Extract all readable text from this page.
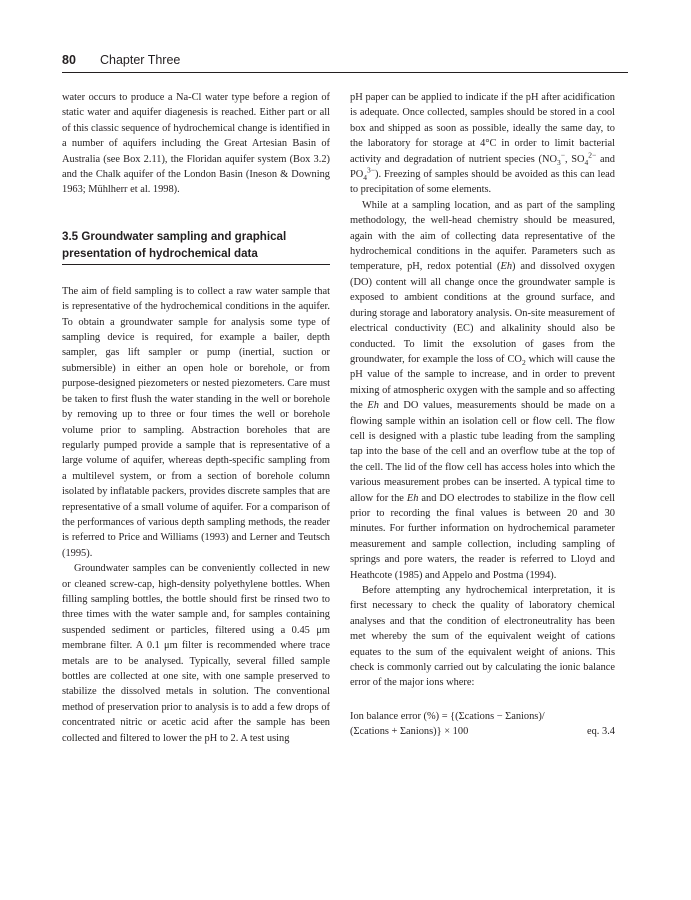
80 Chapter Three

water occurs to produce a Na-Cl water type before a region of static water and aquifer diagenesis is reached. Either part or all of this classic sequence of hydrochemical change is identified in a number of aquifers including the Great Artesian Basin of Australia (see Box 2.11), the Floridan aquifer system (Box 3.2) and the Chalk aquifer of the London Basin (Ineson & Downing 1963; Mühlherr et al. 1998).

3.5 Groundwater sampling and graphical presentation of hydrochemical data

The aim of field sampling is to collect a raw water sample that is representative of the hydrochemical conditions in the aquifer. To obtain a groundwater sample for analysis some type of sampling device is required, for example a bailer, depth sampler, gas lift sampler or pump (inertial, suction or submersible) in either an open hole or borehole, or from purpose-designed piezometers or nested piezometers. Care must be taken to first flush the water standing in the well or borehole by removing up to three or four times the well or borehole volume prior to sampling. Abstraction boreholes that are regularly pumped provide a sample that is representative of a large volume of aquifer, whereas depth-specific sampling from a multilevel system, or from a section of borehole column isolated by inflatable packers, provides discrete samples that are representative of a small volume of aquifer. For a comparison of the performances of various depth sampling methods, the reader is referred to Price and Williams (1993) and Lerner and Teutsch (1995).

Groundwater samples can be conveniently collected in new or cleaned screw-cap, high-density polyethylene bottles. When filling sampling bottles, the bottle should first be rinsed two to three times with the water sample and, for samples containing suspended sediment or particles, filtered using a 0.45 μm membrane filter. A 0.1 μm filter is recommended where trace metals are to be analysed. Typically, several filled sample bottles are collected at one site, with one sample preserved to stabilize the dissolved metals in solution. The conventional method of preservation prior to analysis is to add a few drops of concentrated nitric or acetic acid after the sample has been collected and filtered to lower the pH to 2. A test using

pH paper can be applied to indicate if the pH after acidification is adequate. Once collected, samples should be stored in a cool box and shipped as soon as possible, ideally the same day, to the laboratory for storage at 4°C in order to limit bacterial activity and degradation of nutrient species ($NO_3^-$, $SO_4^{2-}$ and $PO_4^{3-}$). Freezing of samples should be avoided as this can lead to precipitation of some elements.

While at a sampling location, and as part of the sampling methodology, the well-head chemistry should be measured, again with the aim of collecting data representative of the hydrochemical conditions in the aquifer. Parameters such as temperature, pH, redox potential (Eh) and dissolved oxygen (DO) content will all change once the groundwater sample is exposed to ambient conditions at the ground surface, and during storage and laboratory analysis. On-site measurement of electrical conductivity (EC) and alkalinity should also be conducted. To limit the exsolution of gases from the groundwater, for example the loss of $CO_2$ which will cause the pH value of the sample to increase, and in order to prevent mixing of atmospheric oxygen with the sample and so affecting the Eh and DO values, measurements should be made on a flowing sample within an isolation cell or flow cell. The flow cell is designed with a plastic tube leading from the sampling tap into the base of the cell and an overflow tube at the top of the cell. The lid of the flow cell has access holes into which the various measurement probes can be inserted. A typical time to allow for the Eh and DO electrodes to stabilize in the flow cell prior to recording the final values is between 20 and 30 minutes. For further information on hydrochemical parameter measurement and sample collection, including sampling of springs and pore waters, the reader is referred to Lloyd and Heathcote (1985) and Appelo and Postma (1994).

Before attempting any hydrochemical interpretation, it is first necessary to check the quality of laboratory chemical analyses and that the condition of electroneutrality has been met whereby the sum of the equivalent weight of cations equates to the sum of the equivalent weight of anions. This check is commonly carried out by calculating the ionic balance error of the major ions where:

Ion balance error (%) = {(Σcations − Σanions)/
(Σcations + Σanions)} × 100	eq. 3.4
